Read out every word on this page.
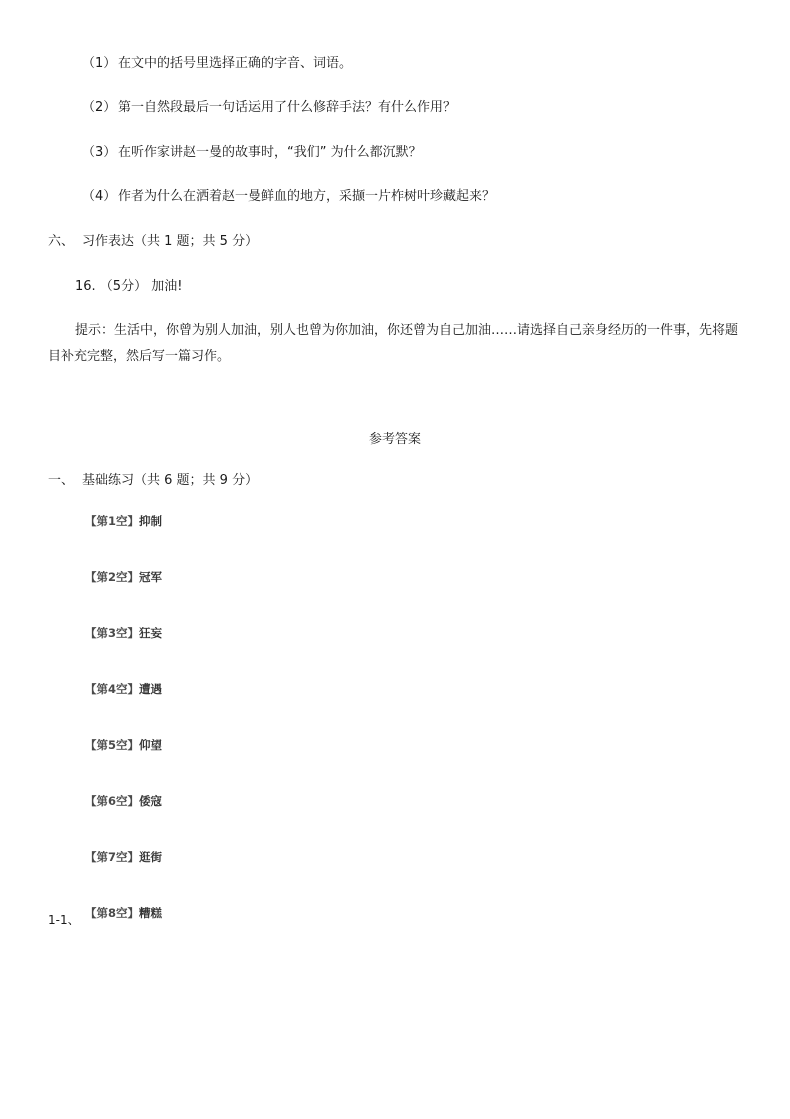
（1） 在文中的括号里选择正确的字音、词语。
（2） 第一自然段最后一句话运用了什么修辞手法？有什么作用？
（3） 在听作家讲赵一曼的故事时，“我们” 为什么都沉默？
（4） 作者为什么在洒着赵一曼鲜血的地方，采撷一片柞树叶珍藏起来？
六、 习作表达（共 1 题；共 5 分）
16. （5分） 加油!
提示：生活中，你曾为别人加油，别人也曾为你加油，你还曾为自己加油……请选择自己亲身经历的一件事，先将题目补充完整，然后写一篇习作。
参考答案
一、 基础练习（共 6 题；共 9 分）
【第1空】抑制
【第2空】冠军
【第3空】狂妄
【第4空】遭遇
【第5空】仰望
【第6空】倭寇
【第7空】逛街
【第8空】糟糕
1-1、
